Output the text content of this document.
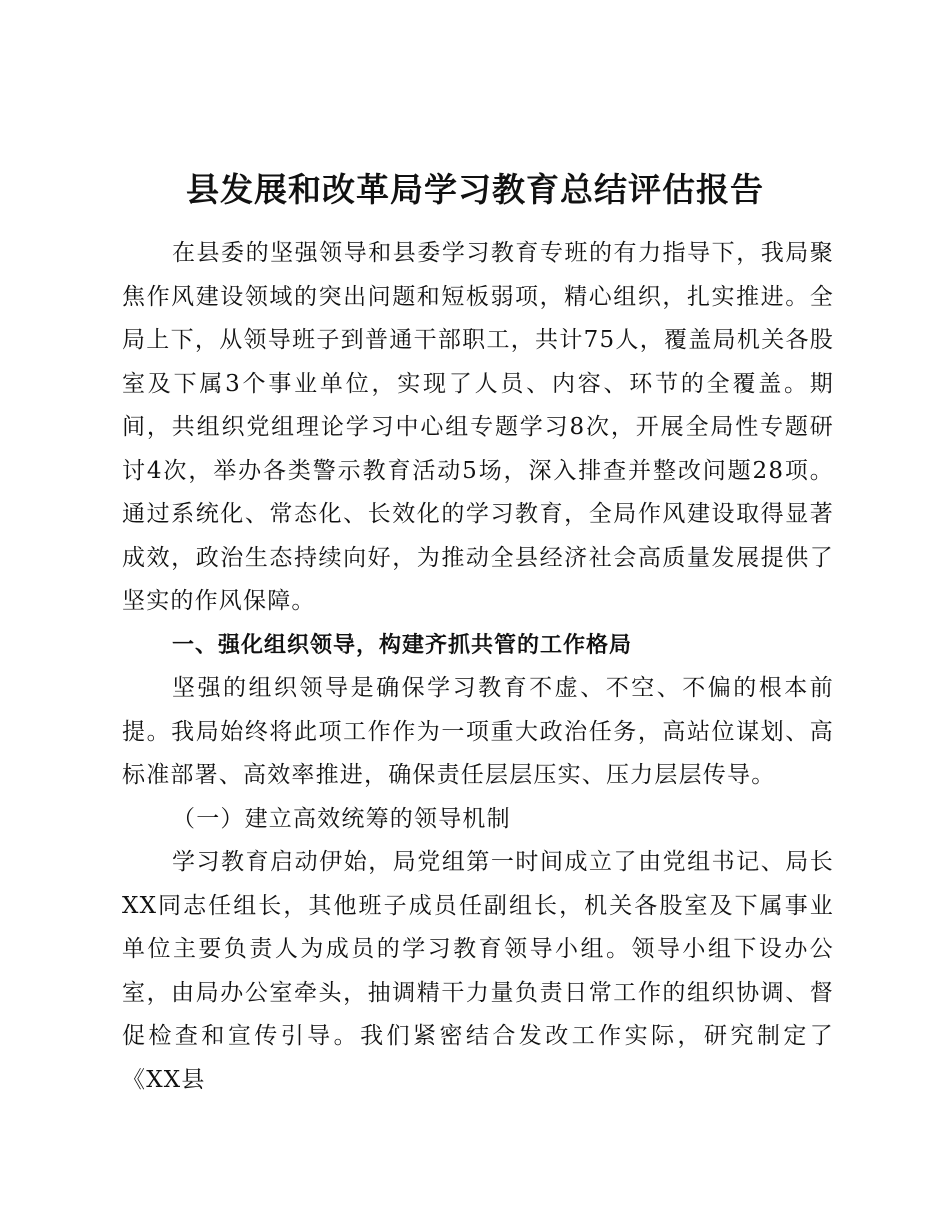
县发展和改革局学习教育总结评估报告

在县委的坚强领导和县委学习教育专班的有力指导下，我局聚焦作风建设领域的突出问题和短板弱项，精心组织，扎实推进。全局上下，从领导班子到普通干部职工，共计75人，覆盖局机关各股室及下属3个事业单位，实现了人员、内容、环节的全覆盖。期间，共组织党组理论学习中心组专题学习8次，开展全局性专题研讨4次，举办各类警示教育活动5场，深入排查并整改问题28项。通过系统化、常态化、长效化的学习教育，全局作风建设取得显著成效，政治生态持续向好，为推动全县经济社会高质量发展提供了坚实的作风保障。

一、强化组织领导，构建齐抓共管的工作格局

坚强的组织领导是确保学习教育不虚、不空、不偏的根本前提。我局始终将此项工作作为一项重大政治任务，高站位谋划、高标准部署、高效率推进，确保责任层层压实、压力层层传导。

（一）建立高效统筹的领导机制

学习教育启动伊始，局党组第一时间成立了由党组书记、局长XX同志任组长，其他班子成员任副组长，机关各股室及下属事业单位主要负责人为成员的学习教育领导小组。领导小组下设办公室，由局办公室牵头，抽调精干力量负责日常工作的组织协调、督促检查和宣传引导。我们紧密结合发改工作实际，研究制定了《XX县
